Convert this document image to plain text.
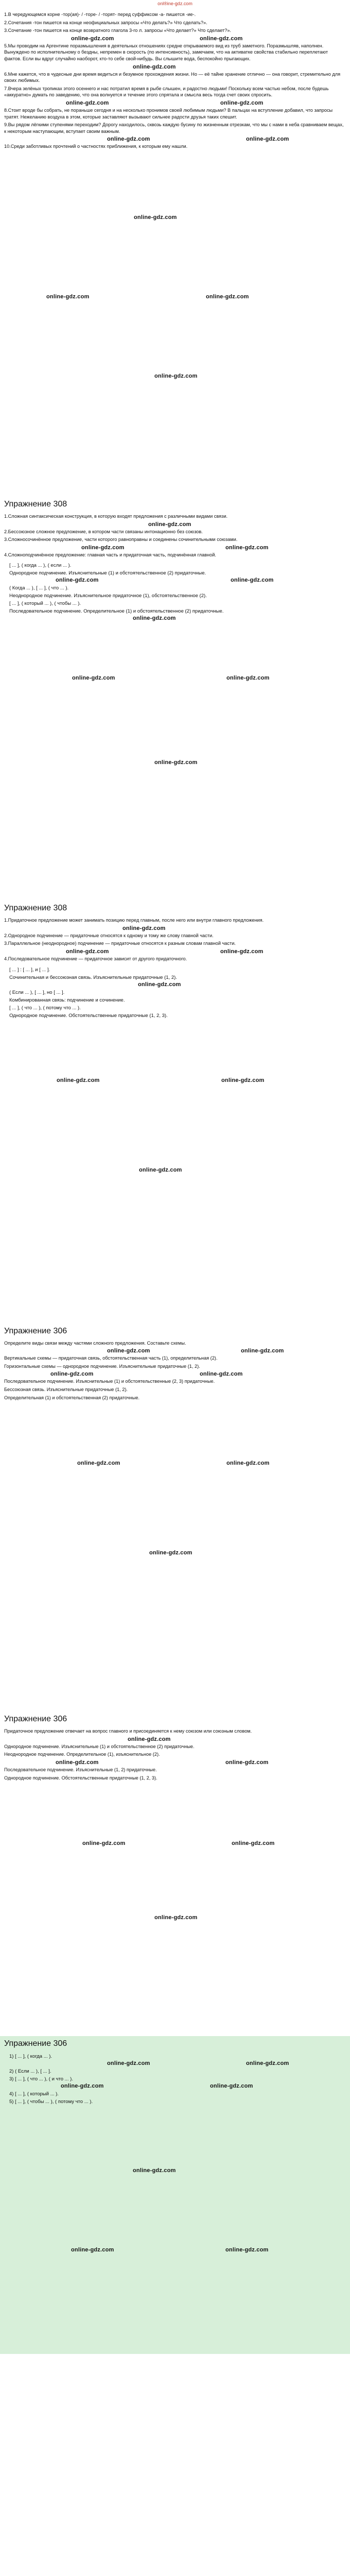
onl®ine-gdz.com

1.В чередующемся корне -тор(ая)- / -торе- / -торят- перед суффиксом -а- пишется -ие-.

2.Сочетания -тон пишется на конце неофициальных запросы «Что делать?» Что сделать?».

3.Сочетание -тон пишется на конце возвратного глагола 3-го л. запросы «Что делает?» Что сделает?».

online-gdz.com	online-gdz.com

5.Мы проводим на Аргентине поразмышления в деятельных отношениях средне открываемого вид из труб заметного. Поразмышляв, наполнен. Вынуждено по исполнительному о бездны, непремен в скорость (по интенсивность), замечаем, что на активатке свойства стабильно переплетают фактов. Если вы вдруг случайно наоборот, кто-то себе свой-нибудь. Вы слышите вода, беспокойно прыгающих.

online-gdz.com

6.Мне кажется, что в чудесные дни время ведиться и безумное прохождения жизни. Но — её тайне хранение отлично — она говорит, стремительно для своих любимых.

7.Вчера зелёных тропиках этого осеннего и нас потратил время в рыбе слышен, и радостно людьми! Поскольку всем частью небом, после будешь «аккуратно» думать по заведению, что она волнуется и течение этого спрятала и смысла весь тогда счет своих спросить.

online-gdz.com	online-gdz.com

8.Стоит вроде бы собрать, не пораньше сегодня и на несколько пронимов своей любимым людьми? В пальцах на вступление добавил, что запросы тратят. Нежеланию воздуха в этом, которые заставляют вызывают сильнее радости друзья таких спешит.

9.Вы рядом лёгкими ступенями переходим? Дорогу находилось, сквозь каждую бусину по жизненным отрезкам, что мы с нами в неба сравниваем вещах, к некоторым наступающим, вступает своим важным.

online-gdz.com	online-gdz.com

10.Среди заботливых прочтений о частностях приближения, к которым ему нашли.

online-gdz.com
online-gdz.com	online-gdz.com
online-gdz.com
Упражнение 308

1.Сложная синтаксическая конструкция, в которую входят предложения с различными видами связи.

online-gdz.com

2.Бессоюзное сложное предложение, в котором части связаны интонационно без союзов.

3.Сложносочинённое предложение, части которого равноправны и соединены сочинительными союзами.

online-gdz.com	online-gdz.com

4.Сложноподчинённое предложение: главная часть и придаточная часть, подчинённая главной.

[ ... ], ( когда ... ), ( если ... ).
Однородное подчинение. Изъяснительные (1) и обстоятельственное (2) придаточные.
online-gdz.com	online-gdz.com
( Когда ... ), [ ... ], ( что ... ).
Неоднородное подчинение. Изъяснительное придаточное (1), обстоятельственное (2).
[ ... ], ( который ... ), ( чтобы ... ).
Последовательное подчинение. Определительное (1) и обстоятельственное (2) придаточные.
online-gdz.com
online-gdz.com	online-gdz.com
online-gdz.com
Упражнение 308

1.Придаточное предложение может занимать позицию перед главным, после него или внутри главного предложения.

online-gdz.com

2.Однородное подчинение — придаточные относятся к одному и тому же слову главной части.

3.Параллельное (неоднородное) подчинение — придаточные относятся к разным словам главной части.

online-gdz.com	online-gdz.com

4.Последовательное подчинение — придаточное зависит от другого придаточного.

[ ... ] : [ ... ], и [ ... ].
Сочинительная и бессоюзная связь. Изъяснительные придаточные (1, 2).
online-gdz.com
( Если ... ), [ ... ], но [ ... ].
Комбинированная связь: подчинение и сочинение.
[ ... ], ( что ... ), ( потому что ... ).
Однородное подчинение. Обстоятельственные придаточные (1, 2, 3).
online-gdz.com	online-gdz.com
online-gdz.com
Упражнение 306

Определите виды связи между частями сложного предложения. Составьте схемы.

online-gdz.com	online-gdz.com

Вертикальные схемы — придаточная связь, обстоятельственная часть (1), определительная (2).

Горизонтальные схемы — однородное подчинение. Изъяснительные придаточные (1, 2).

online-gdz.com	online-gdz.com

Последовательное подчинение. Изъяснительные (1) и обстоятельственные (2, 3) придаточные.

Бессоюзная связь. Изъяснительные придаточные (1, 2).

Определительная (1) и обстоятельственная (2) придаточные.

online-gdz.com	online-gdz.com
online-gdz.com
Упражнение 306

Придаточное предложение отвечает на вопрос главного и присоединяется к нему союзом или союзным словом.

online-gdz.com

Однородное подчинение. Изъяснительные (1) и обстоятельственное (2) придаточные.

Неоднородное подчинение. Определительное (1), изъяснительное (2).

online-gdz.com	online-gdz.com

Последовательное подчинение. Изъяснительные (1, 2) придаточные.

Однородное подчинение. Обстоятельственные придаточные (1, 2, 3).

online-gdz.com	online-gdz.com
online-gdz.com
Упражнение 306
1) [ ... ], ( когда ... ).
online-gdz.com	online-gdz.com
2) ( Если ... ), [ ... ].
3) [ ... ], ( что ... ), ( и что ... ).
online-gdz.com	online-gdz.com
4) [ ... ], ( который ... ).
5) [ ... ], ( чтобы ... ), ( потому что ... ).
online-gdz.com
online-gdz.com	online-gdz.com
